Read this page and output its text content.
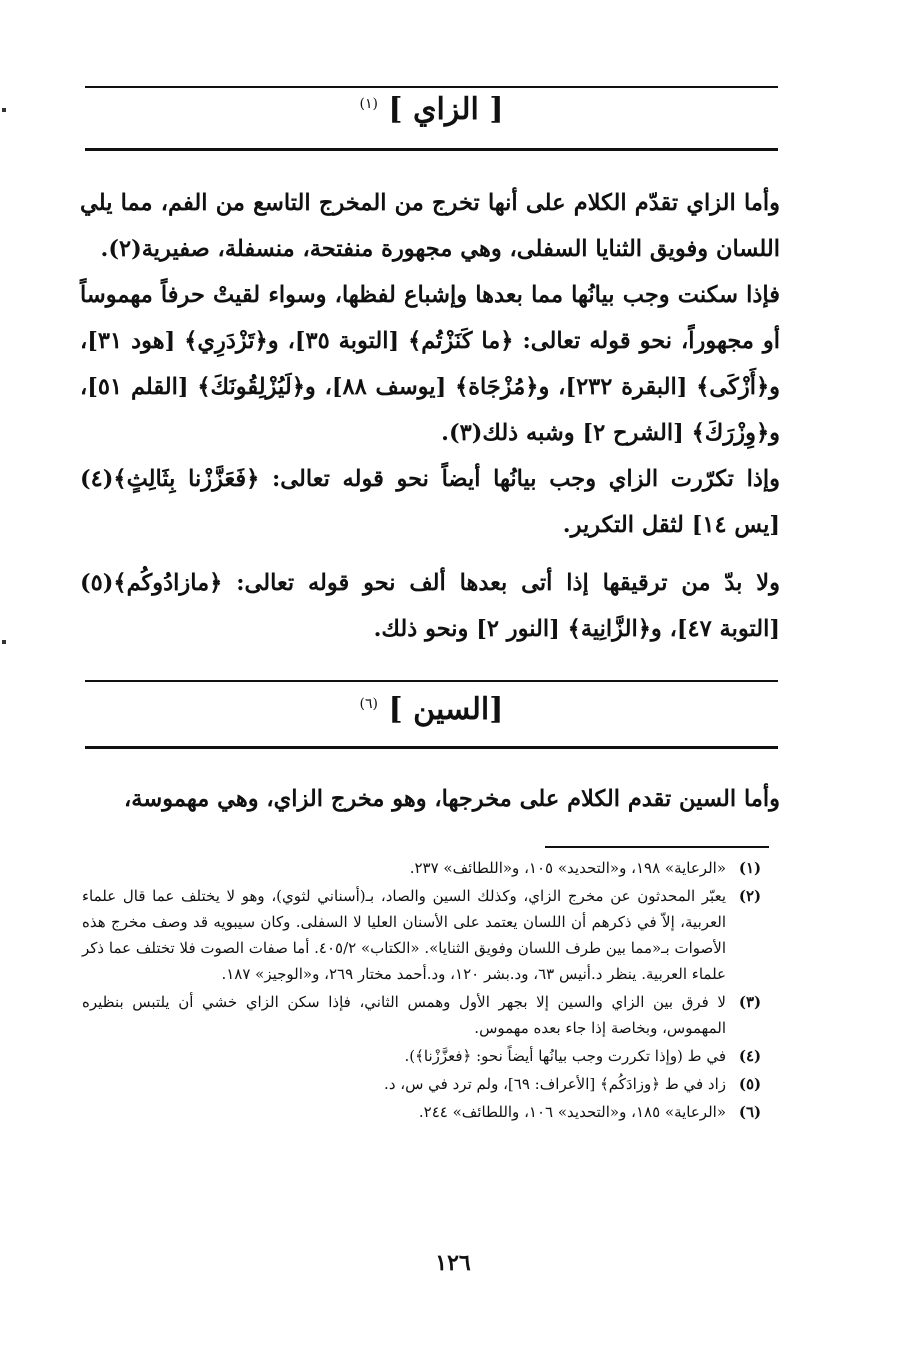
[ الزاي ] $^{(١)}$
وأما الزاي تقدّم الكلام على أنها تخرج من المخرج التاسع من الفم، مما يلي اللسان وفويق الثنايا السفلى، وهي مجهورة منفتحة، منسفلة، صفيرية(٢).
فإذا سكنت وجب بيانُها مما بعدها وإشباع لفظها، وسواء لقيتْ حرفاً مهموساً أو مجهوراً، نحو قوله تعالى: ﴿ما كَنَزْتُم﴾ [التوبة ٣٥]، و﴿تَزْدَرِي﴾ [هود ٣١]، و﴿أَزْكَى﴾ [البقرة ٢٣٢]، و﴿مُزْجَاة﴾ [يوسف ٨٨]، و﴿لَيُزْلِقُونَكَ﴾ [القلم ٥١]، و﴿وِزْرَكَ﴾ [الشرح ٢] وشبه ذلك(٣).
وإذا تكرّرت الزاي وجب بيانُها أيضاً نحو قوله تعالى: ﴿فَعَزَّزْنا بِثَالِثٍ﴾(٤) [يس ١٤] لثقل التكرير.
ولا بدّ من ترقيقها إذا أتى بعدها ألف نحو قوله تعالى: ﴿مازادُوكُم﴾(٥) [التوبة ٤٧]، و﴿الزَّانِية﴾ [النور ٢] ونحو ذلك.
[السين ] $^{(٦)}$
وأما السين تقدم الكلام على مخرجها، وهو مخرج الزاي، وهي مهموسة،
(١)
«الرعاية» ١٩٨، و«التحديد» ١٠٥، و«اللطائف» ٢٣٧.
(٢)
يعبّر المحدثون عن مخرج الزاي، وكذلك السين والصاد، بـ(أسناني لثوي)، وهو لا يختلف عما قال علماء العربية، إلاّ في ذكرهم أن اللسان يعتمد على الأسنان العليا لا السفلى. وكان سيبويه قد وصف مخرج هذه الأصوات بـ«مما بين طرف اللسان وفويق الثنايا». «الكتاب» ٤٠٥/٢. أما صفات الصوت فلا تختلف عما ذكر علماء العربية. ينظر د.أنيس ٦٣، ود.بشر ١٢٠، ود.أحمد مختار ٢٦٩، و«الوجيز» ١٨٧.
(٣)
لا فرق بين الزاي والسين إلا بجهر الأول وهمس الثاني، فإذا سكن الزاي خشي أن يلتبس بنظيره المهموس، وبخاصة إذا جاء بعده مهموس.
(٤)
في ط (وإذا تكررت وجب بيانُها أيضاً نحو: ﴿فعزَّزْنا﴾).
(٥)
زاد في ط ﴿وزادَكُم﴾ [الأعراف: ٦٩]، ولم ترد في س، د.
(٦)
«الرعاية» ١٨٥، و«التحديد» ١٠٦، واللطائف» ٢٤٤.
١٢٦
